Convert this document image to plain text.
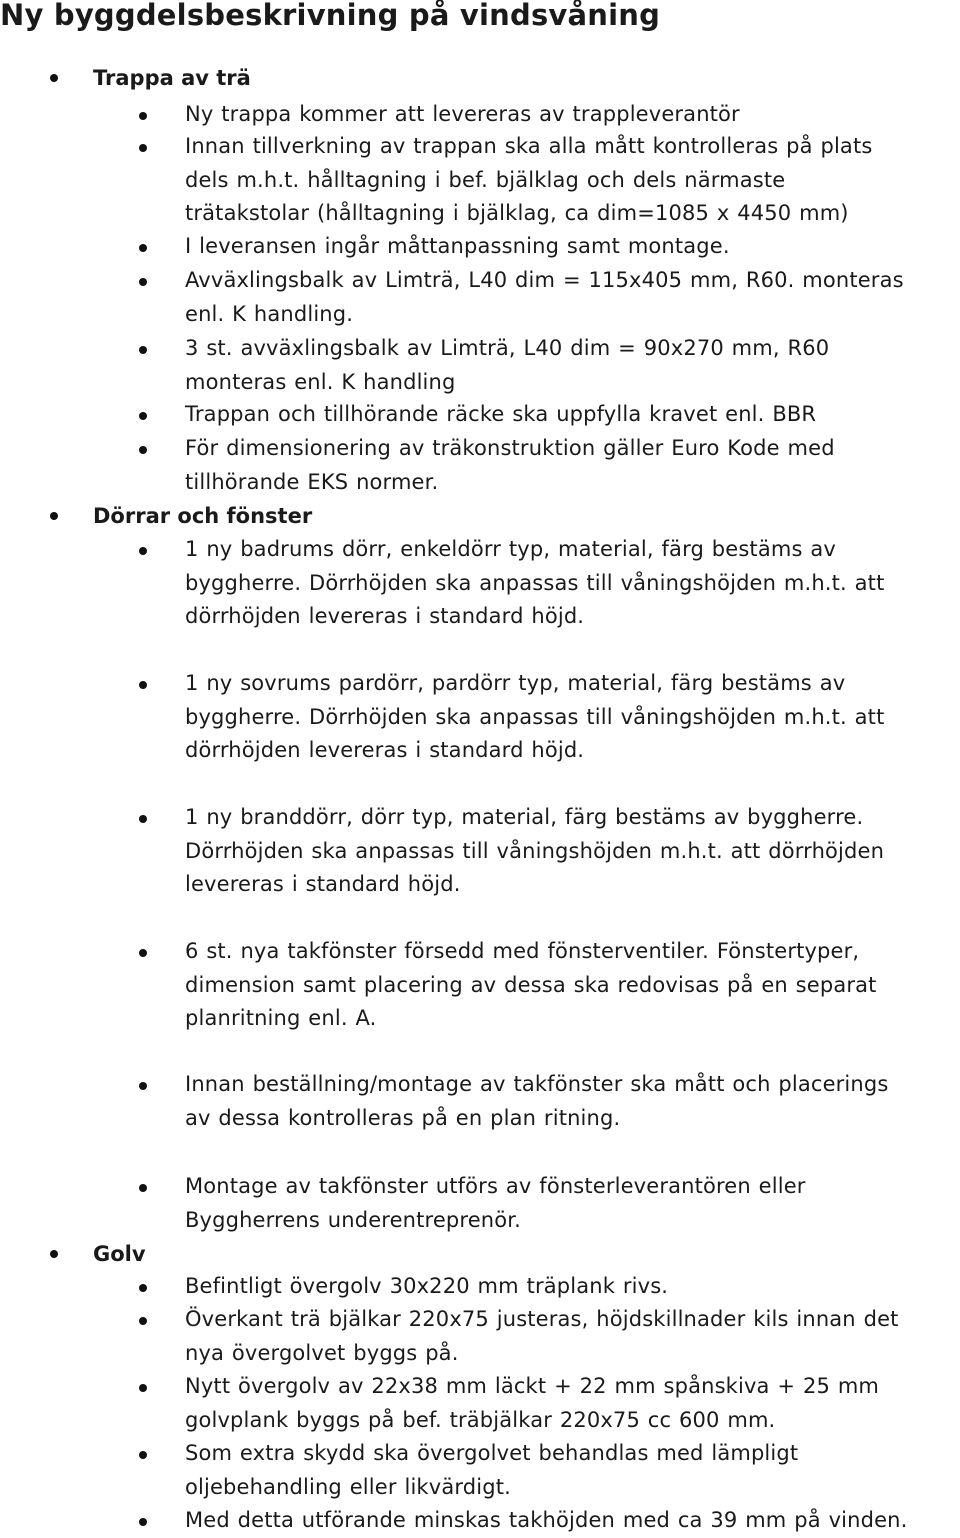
Ny byggdelsbeskrivning på vindsvåning
Trappa av trä
Ny trappa kommer att levereras av trappleverantör
Innan tillverkning av trappan ska alla mått kontrolleras på plats
dels m.h.t. hålltagning i bef. bjälklag och dels närmaste
trätakstolar (hålltagning i bjälklag, ca dim=1085 x 4450 mm)
I leveransen ingår måttanpassning samt montage.
Avväxlingsbalk av Limträ, L40 dim = 115x405 mm, R60. monteras
enl. K handling.
3 st. avväxlingsbalk av Limträ, L40 dim = 90x270 mm, R60
monteras enl. K handling
Trappan och tillhörande räcke ska uppfylla kravet enl. BBR
För dimensionering av träkonstruktion gäller Euro Kode med
tillhörande EKS normer.
Dörrar och fönster
1 ny badrums dörr, enkeldörr typ, material, färg bestäms av
byggherre. Dörrhöjden ska anpassas till våningshöjden m.h.t. att
dörrhöjden levereras i standard höjd.
1 ny sovrums pardörr, pardörr typ, material, färg bestäms av
byggherre. Dörrhöjden ska anpassas till våningshöjden m.h.t. att
dörrhöjden levereras i standard höjd.
1 ny branddörr, dörr typ, material, färg bestäms av byggherre.
Dörrhöjden ska anpassas till våningshöjden m.h.t. att dörrhöjden
levereras i standard höjd.
6 st. nya takfönster försedd med fönsterventiler. Fönstertyper,
dimension samt placering av dessa ska redovisas på en separat
planritning enl. A.
Innan beställning/montage av takfönster ska mått och placerings
av dessa kontrolleras på en plan ritning.
Montage av takfönster utförs av fönsterleverantören eller
Byggherrens underentreprenör.
Golv
Befintligt övergolv 30x220 mm träplank rivs.
Överkant trä bjälkar 220x75 justeras, höjdskillnader kils innan det
nya övergolvet byggs på.
Nytt övergolv av 22x38 mm läckt + 22 mm spånskiva + 25 mm
golvplank byggs på bef. träbjälkar 220x75 cc 600 mm.
Som extra skydd ska övergolvet behandlas med lämpligt
oljebehandling eller likvärdigt.
Med detta utförande minskas takhöjden med ca 39 mm på vinden.
